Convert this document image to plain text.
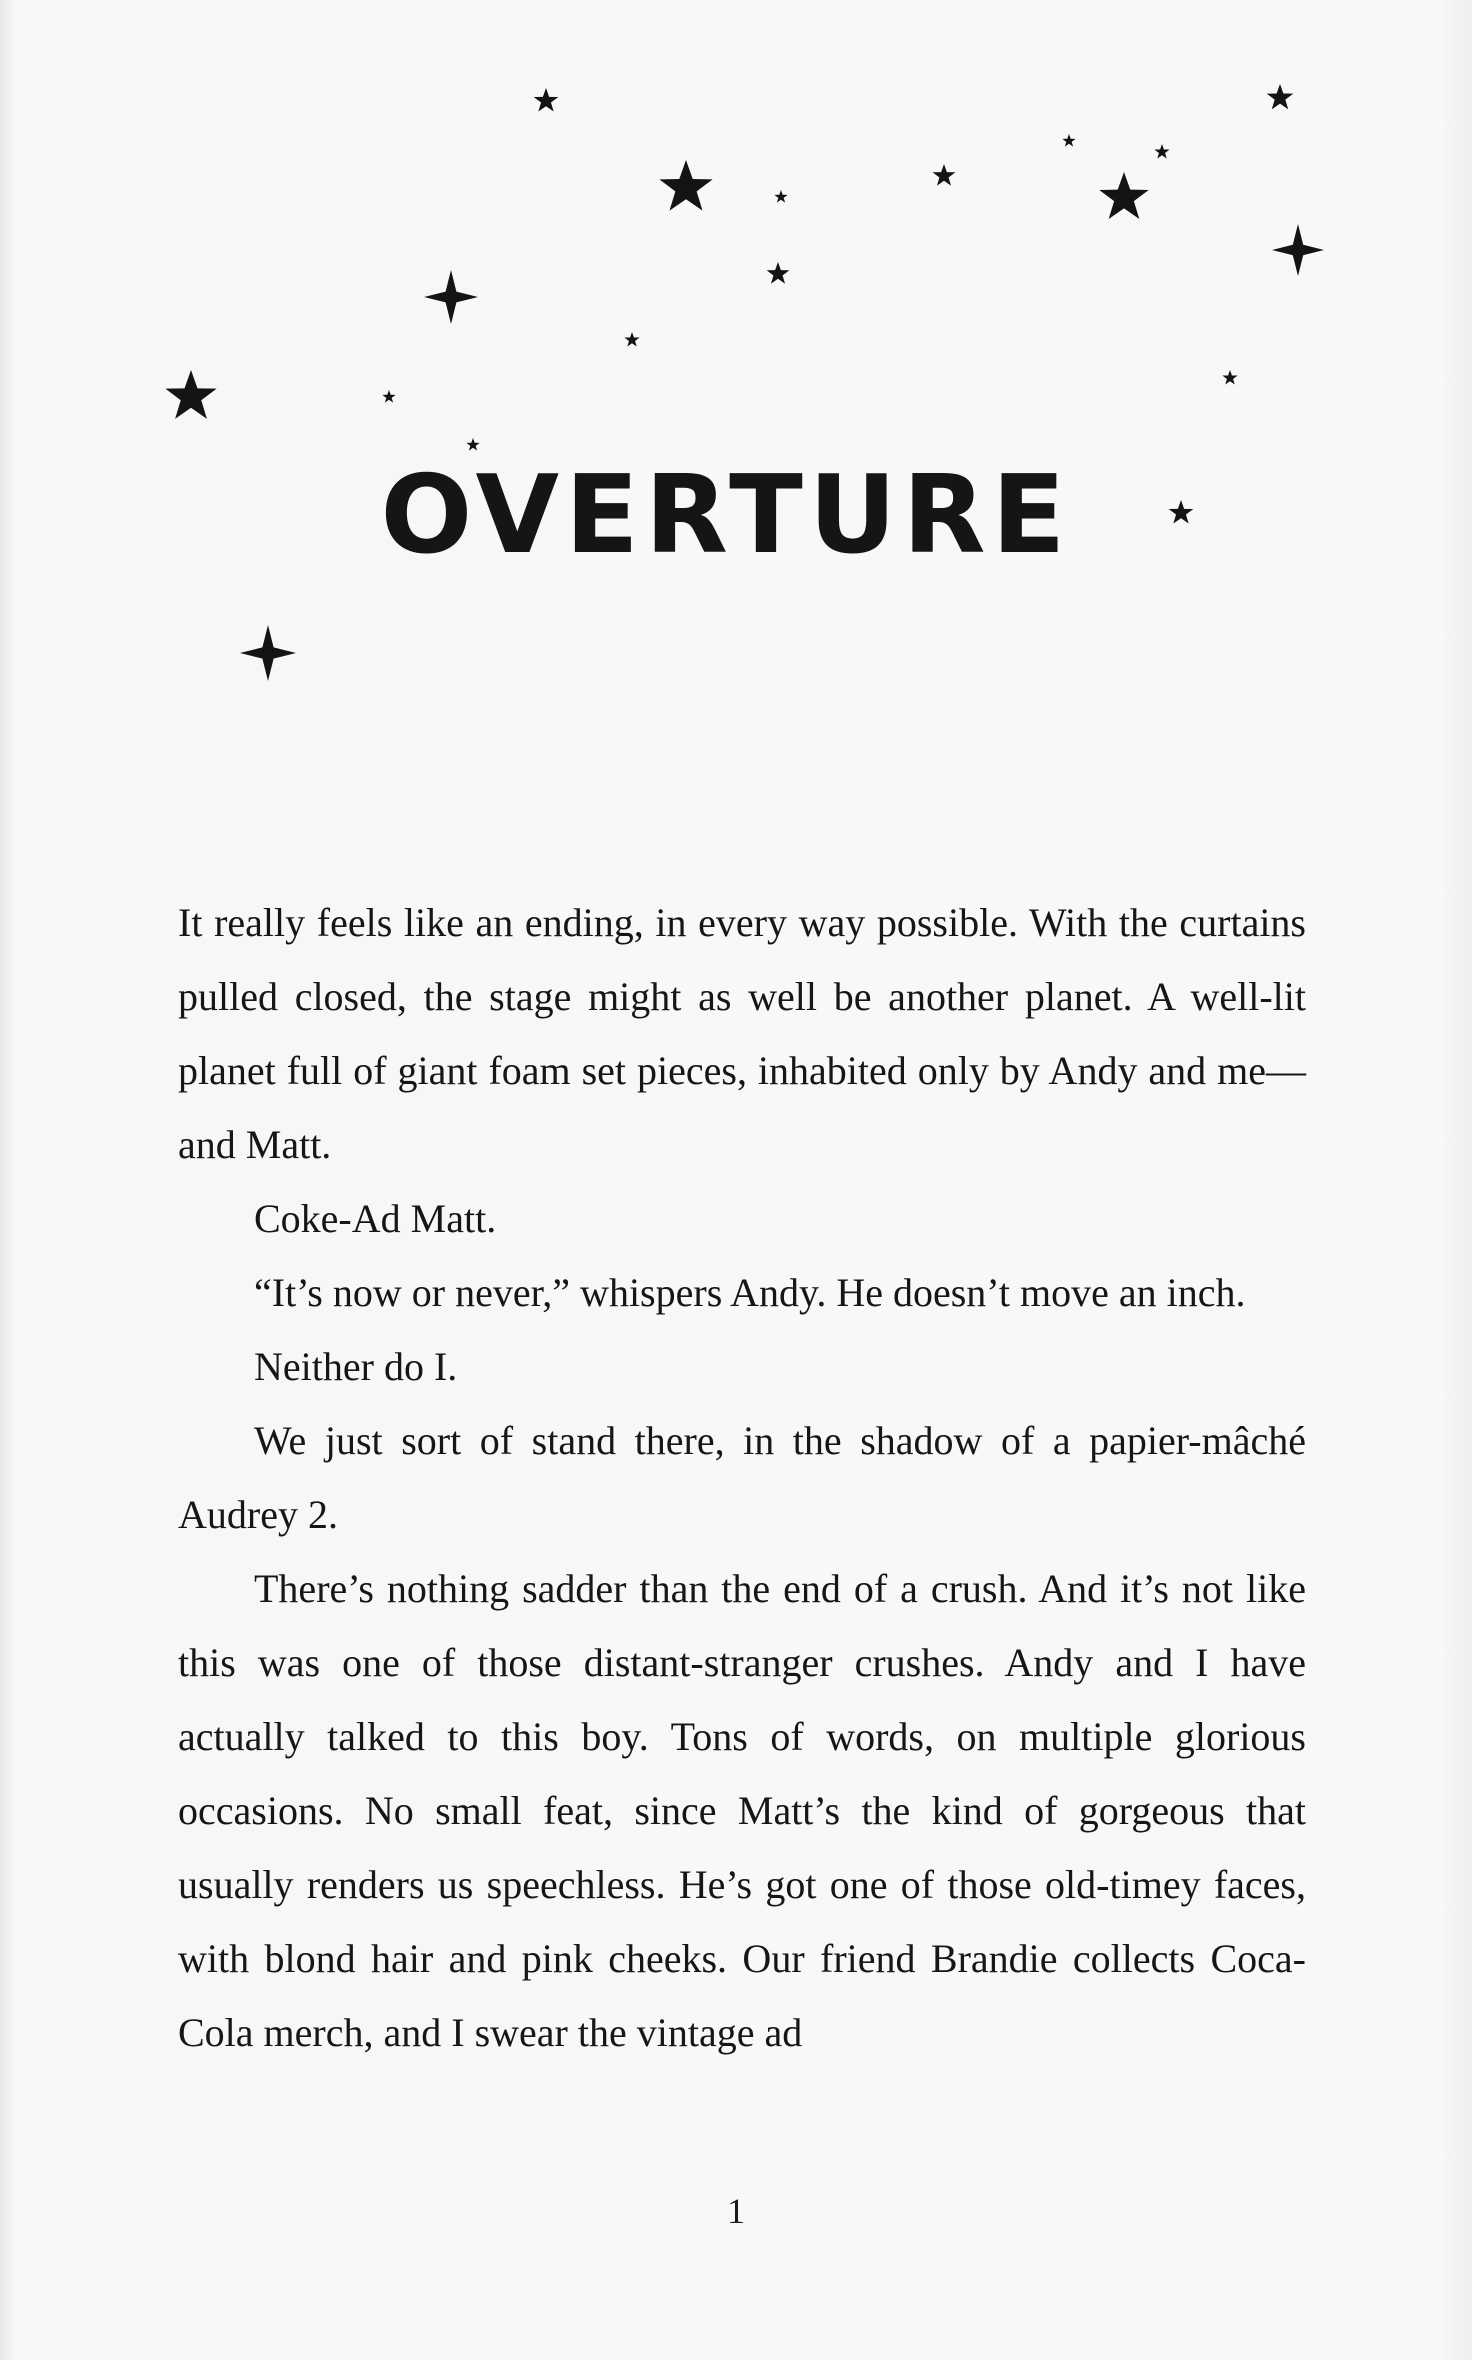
OVERTURE

It really feels like an ending, in every way possible. With the curtains pulled closed, the stage might as well be another planet. A well-lit planet full of giant foam set pieces, inhabited only by Andy and me—and Matt.

Coke-Ad Matt.

“It’s now or never,” whispers Andy. He doesn’t move an inch.

Neither do I.

We just sort of stand there, in the shadow of a papier-mâché Audrey 2.

There’s nothing sadder than the end of a crush. And it’s not like this was one of those distant-stranger crushes. Andy and I have actually talked to this boy. Tons of words, on multiple glorious occasions. No small feat, since Matt’s the kind of gorgeous that usually renders us speechless. He’s got one of those old-timey faces, with blond hair and pink cheeks. Our friend Brandie collects Coca-Cola merch, and I swear the vintage ad

1
